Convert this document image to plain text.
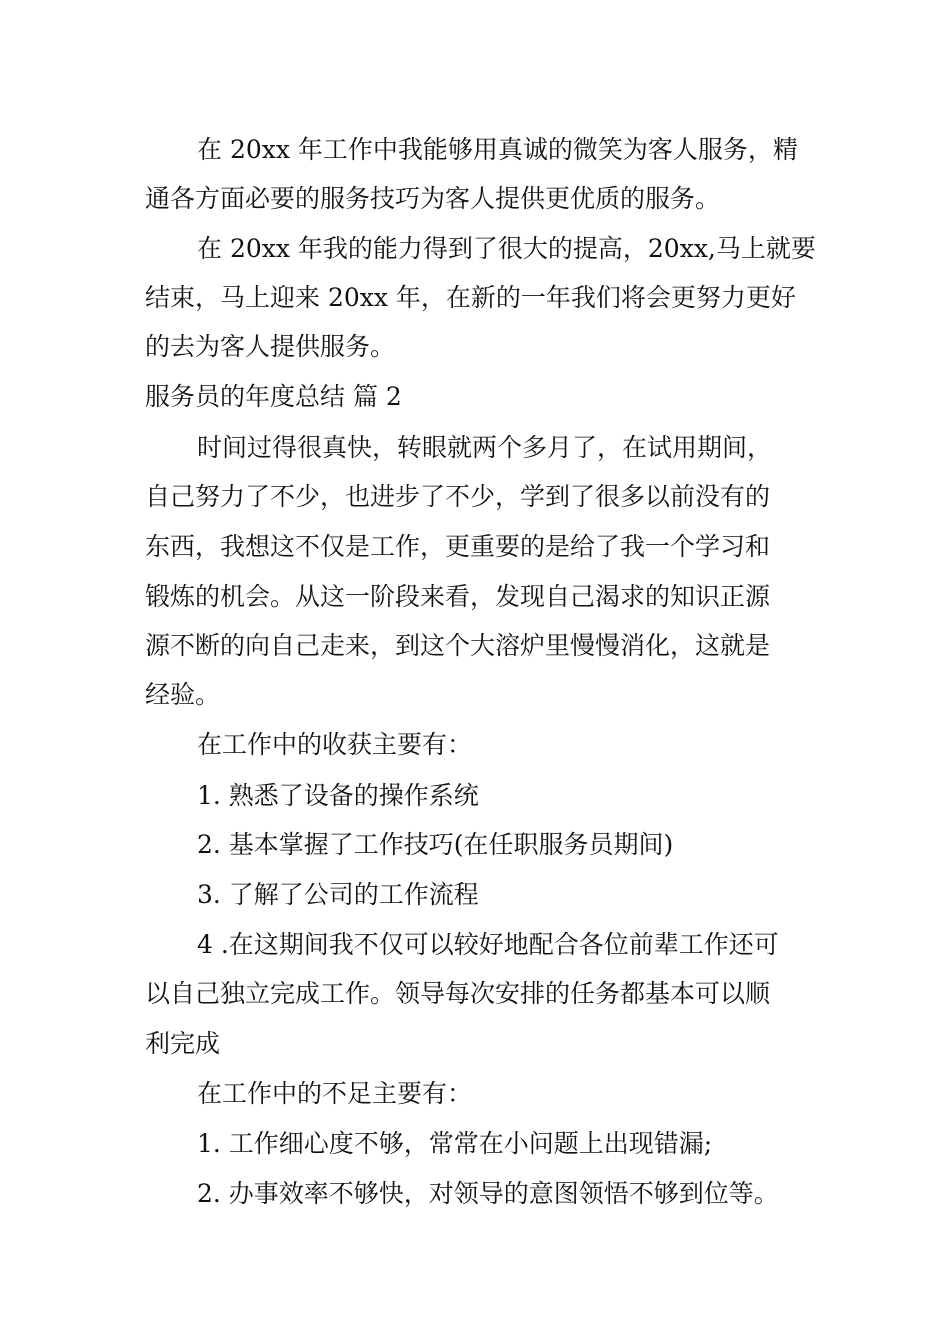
在 20xx 年工作中我能够用真诚的微笑为客人服务，精
通各方面必要的服务技巧为客人提供更优质的服务。
在 20xx 年我的能力得到了很大的提高，20xx,马上就要
结束，马上迎来 20xx 年，在新的一年我们将会更努力更好
的去为客人提供服务。
服务员的年度总结 篇 2
时间过得很真快，转眼就两个多月了，在试用期间，
自己努力了不少，也进步了不少，学到了很多以前没有的
东西，我想这不仅是工作，更重要的是给了我一个学习和
锻炼的机会。从这一阶段来看，发现自己渴求的知识正源
源不断的向自己走来，到这个大溶炉里慢慢消化，这就是
经验。
在工作中的收获主要有：
1. 熟悉了设备的操作系统
2. 基本掌握了工作技巧(在任职服务员期间)
3. 了解了公司的工作流程
4 .在这期间我不仅可以较好地配合各位前辈工作还可
以自己独立完成工作。领导每次安排的任务都基本可以顺
利完成
在工作中的不足主要有：
1. 工作细心度不够，常常在小问题上出现错漏;
2. 办事效率不够快，对领导的意图领悟不够到位等。
